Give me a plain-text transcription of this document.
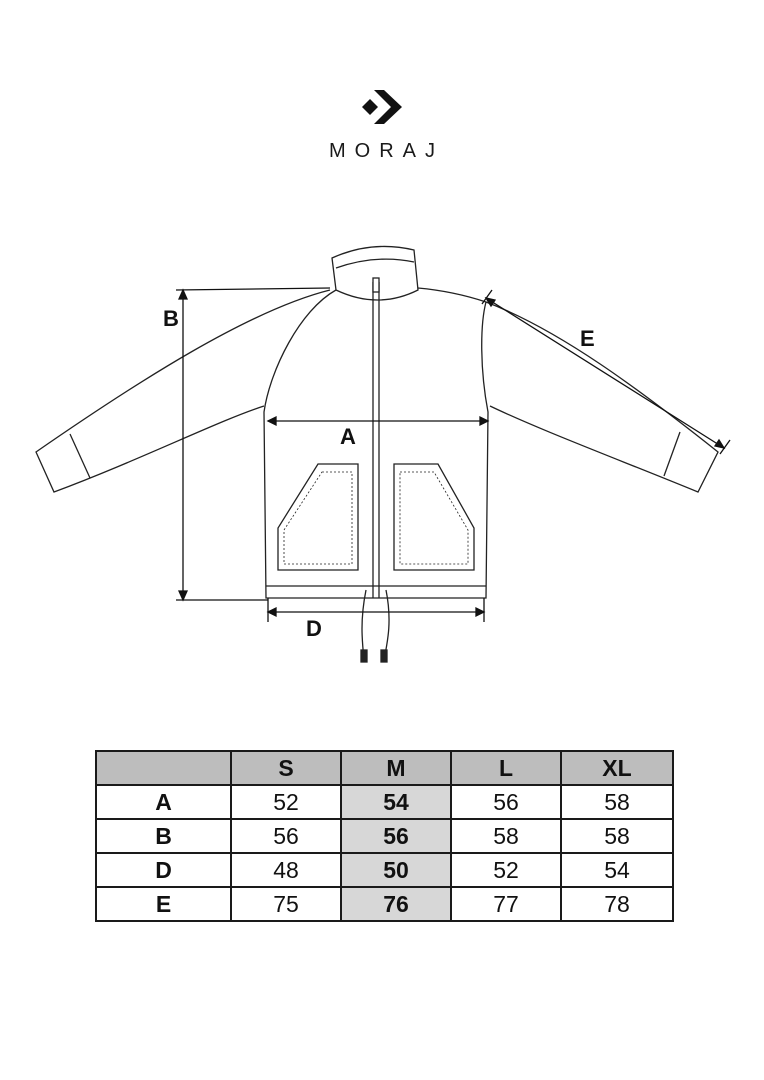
MORAJ
A
B
D
E
	S	M	L	XL
A	52	54	56	58
B	56	56	58	58
D	48	50	52	54
E	75	76	77	78
